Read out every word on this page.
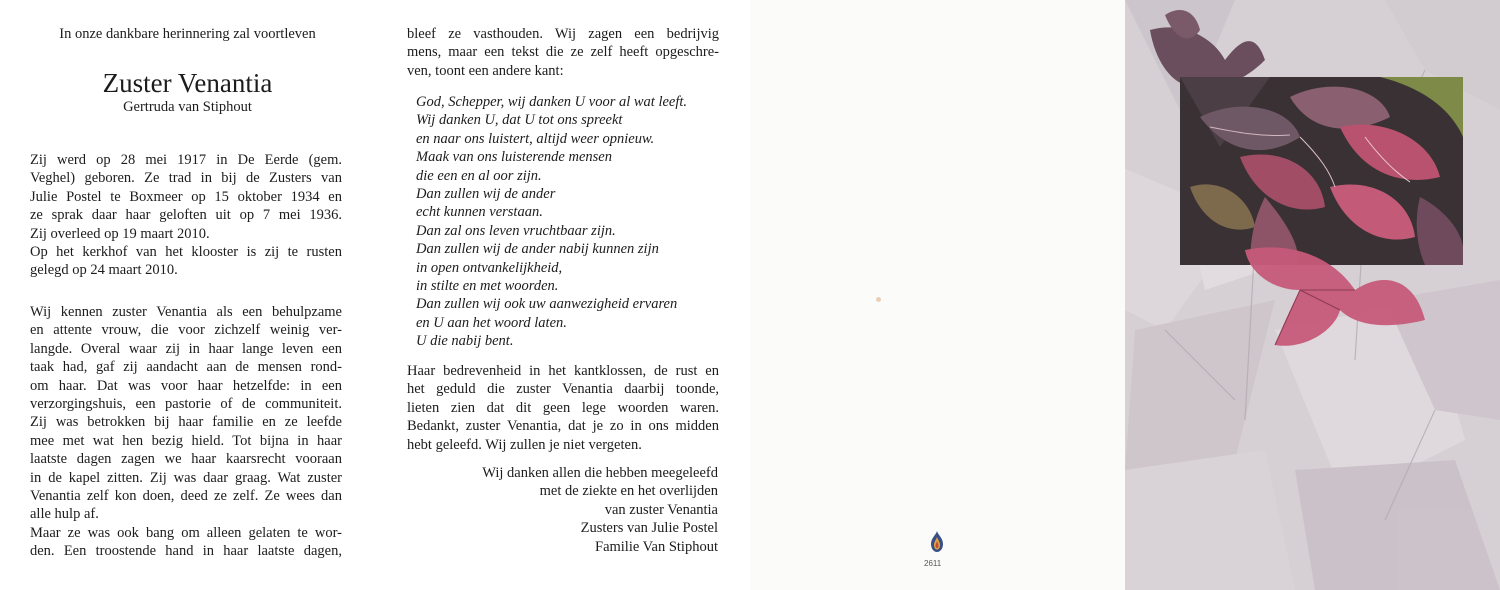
In onze dankbare herinnering zal voortleven
Zuster Venantia
Gertruda van Stiphout
Zij werd op 28 mei 1917 in De Eerde (gem.
Veghel) geboren. Ze trad in bij de Zusters van
Julie Postel te Boxmeer op 15 oktober 1934 en
ze sprak daar haar geloften uit op 7 mei 1936.
Zij overleed op 19 maart 2010.
Op het kerkhof van het klooster is zij te rusten
gelegd op 24 maart 2010.
Wij kennen zuster Venantia als een behulpzame
en attente vrouw, die voor zichzelf weinig ver-
langde. Overal waar zij in haar lange leven een
taak had, gaf zij aandacht aan de mensen rond-
om haar. Dat was voor haar hetzelfde: in een
verzorgingshuis, een pastorie of de communiteit.
Zij was betrokken bij haar familie en ze leefde
mee met wat hen bezig hield. Tot bijna in haar
laatste dagen zagen we haar kaarsrecht vooraan
in de kapel zitten. Zij was daar graag. Wat zuster
Venantia zelf kon doen, deed ze zelf. Ze wees dan
alle hulp af.
Maar ze was ook bang om alleen gelaten te wor-
den. Een troostende hand in haar laatste dagen,
bleef ze vasthouden. Wij zagen een bedrijvig
mens, maar een tekst die ze zelf heeft opgeschre-
ven, toont een andere kant:
God, Schepper, wij danken U voor al wat leeft.
Wij danken U, dat U tot ons spreekt
en naar ons luistert, altijd weer opnieuw.
Maak van ons luisterende mensen
die een en al oor zijn.
Dan zullen wij de ander
echt kunnen verstaan.
Dan zal ons leven vruchtbaar zijn.
Dan zullen wij de ander nabij kunnen zijn
in open ontvankelijkheid,
in stilte en met woorden.
Dan zullen wij ook uw aanwezigheid ervaren
en U aan het woord laten.
U die nabij bent.
Haar bedrevenheid in het kantklossen, de rust en
het geduld die zuster Venantia daarbij toonde,
lieten zien dat dit geen lege woorden waren.
Bedankt, zuster Venantia, dat je zo in ons midden
hebt geleefd. Wij zullen je niet vergeten.
Wij danken allen die hebben meegeleefd
met de ziekte en het overlijden
van zuster Venantia
Zusters van Julie Postel
Familie Van Stiphout
2611
